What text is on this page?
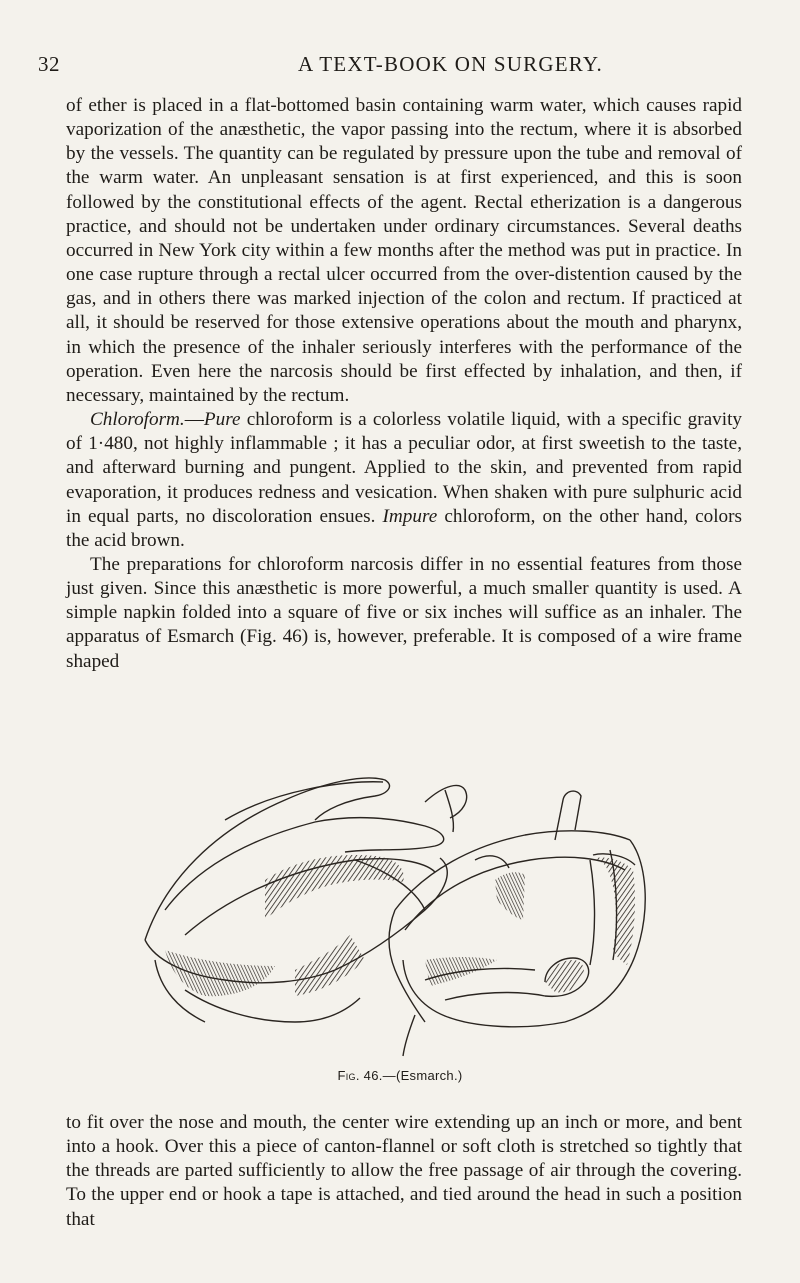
32	A TEXT-BOOK ON SURGERY.

of ether is placed in a flat-bottomed basin containing warm water, which causes rapid vaporization of the anæsthetic, the vapor passing into the rectum, where it is absorbed by the vessels. The quantity can be regulated by pressure upon the tube and removal of the warm water. An unpleasant sensation is at first experienced, and this is soon followed by the constitutional effects of the agent. Rectal etherization is a dangerous practice, and should not be undertaken under ordinary circumstances. Several deaths occurred in New York city within a few months after the method was put in practice. In one case rupture through a rectal ulcer occurred from the over-distention caused by the gas, and in others there was marked injection of the colon and rectum. If practiced at all, it should be reserved for those extensive operations about the mouth and pharynx, in which the presence of the inhaler seriously interferes with the performance of the operation. Even here the narcosis should be first effected by inhalation, and then, if necessary, maintained by the rectum.

Chloroform.—Pure chloroform is a colorless volatile liquid, with a specific gravity of 1·480, not highly inflammable ; it has a peculiar odor, at first sweetish to the taste, and afterward burning and pungent. Applied to the skin, and prevented from rapid evaporation, it produces redness and vesication. When shaken with pure sulphuric acid in equal parts, no discoloration ensues. Impure chloroform, on the other hand, colors the acid brown.

The preparations for chloroform narcosis differ in no essential features from those just given. Since this anæsthetic is more powerful, a much smaller quantity is used. A simple napkin folded into a square of five or six inches will suffice as an inhaler. The apparatus of Esmarch (Fig. 46) is, however, preferable. It is composed of a wire frame shaped

Fig. 46.—(Esmarch.)

to fit over the nose and mouth, the center wire extending up an inch or more, and bent into a hook. Over this a piece of canton-flannel or soft cloth is stretched so tightly that the threads are parted sufficiently to allow the free passage of air through the covering. To the upper end or hook a tape is attached, and tied around the head in such a position that
